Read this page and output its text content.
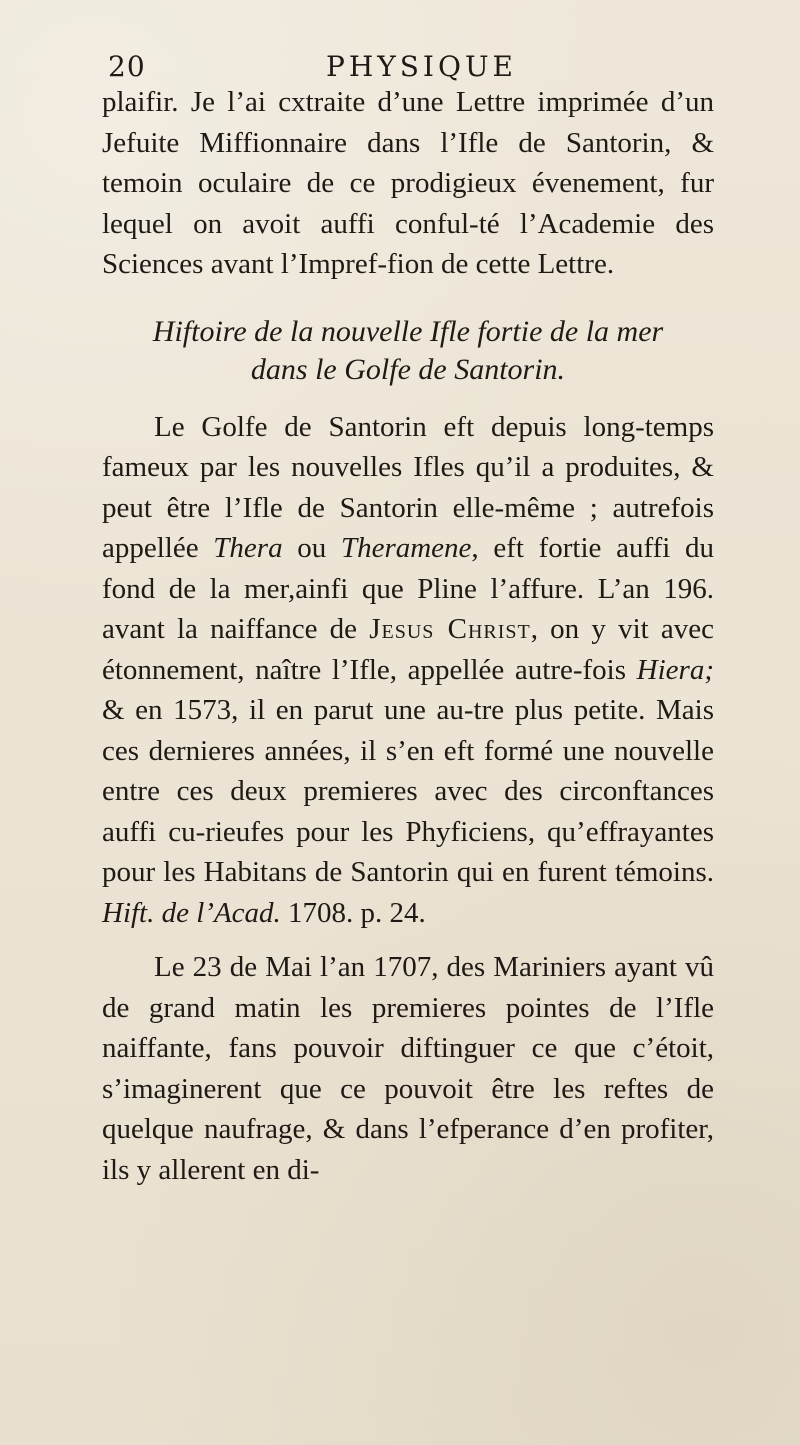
20	PHYSIQUE

plaifir. Je l’ai cxtraite d’une Lettre imprimée d’un Jefuite Miffionnaire dans l’Ifle de Santorin, & temoin oculaire de ce prodigieux évenement, fur lequel on avoit auffi conful-té l’Academie des Sciences avant l’Impref-fion de cette Lettre.

Hiftoire de la nouvelle Ifle fortie de la mer
dans le Golfe de Santorin.

Le Golfe de Santorin eft depuis long-temps fameux par les nouvelles Ifles qu’il a produites, & peut être l’Ifle de Santorin elle-même ; autrefois appellée Thera ou Theramene, eft fortie auffi du fond de la mer,ainfi que Pline l’affure. L’an 196. avant la naiffance de Jesus Christ, on y vit avec étonnement, naître l’Ifle, appellée autre-fois Hiera; & en 1573, il en parut une au-tre plus petite. Mais ces dernieres années, il s’en eft formé une nouvelle entre ces deux premieres avec des circonftances auffi cu-rieufes pour les Phyficiens, qu’effrayantes pour les Habitans de Santorin qui en furent témoins. Hift. de l’Acad. 1708. p. 24.

Le 23 de Mai l’an 1707, des Mariniers ayant vû de grand matin les premieres pointes de l’Ifle naiffante, fans pouvoir diftinguer ce que c’étoit, s’imaginerent que ce pouvoit être les reftes de quelque naufrage, & dans l’efperance d’en profiter, ils y allerent en di-
